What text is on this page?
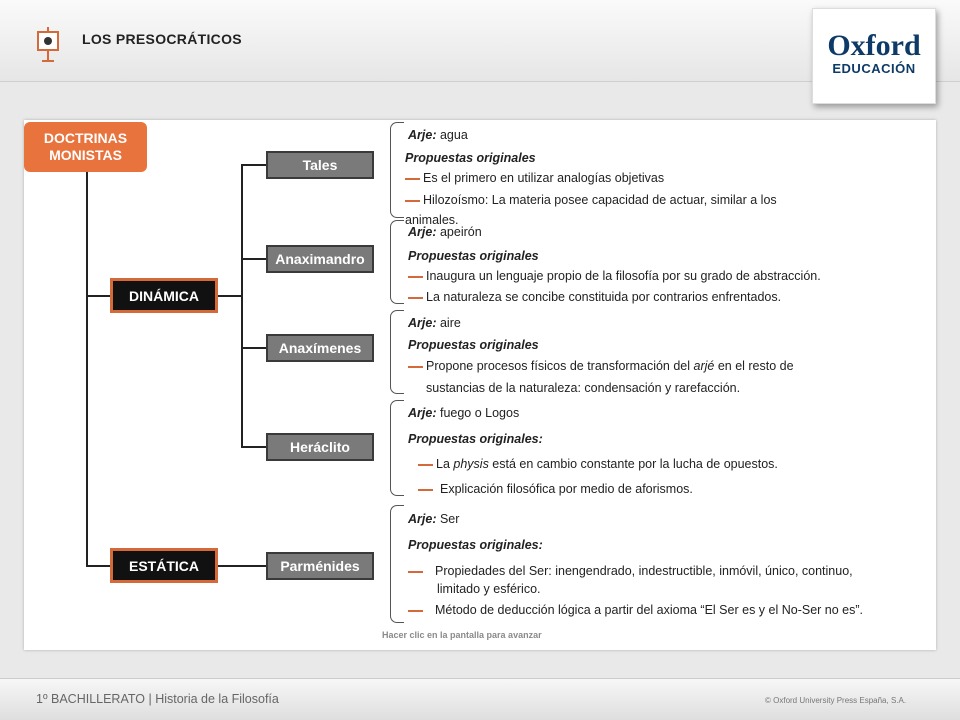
LOS PRESOCRÁTICOS	Oxford
EDUCACIÓN
DOCTRINAS MONISTAS
DINÁMICA
ESTÁTICA
Tales
Anaximandro
Anaxímenes
Heráclito
Parménides
Arje: agua
Propuestas originales
Es el primero en utilizar analogías objetivas
Hilozoísmo: La materia posee capacidad de actuar, similar a los
animales.
Arje: apeirón
Propuestas originales
Inaugura un lenguaje propio de la filosofía por su grado de abstracción.
La naturaleza se concibe constituida por contrarios enfrentados.
Arje: aire
Propuestas originales
Propone procesos físicos de transformación del arjé en el resto de
sustancias de la naturaleza: condensación y rarefacción.
Arje: fuego o Logos
Propuestas originales:
La physis está en cambio constante por la lucha de opuestos.
Explicación filosófica por medio de aforismos.
Arje: Ser
Propuestas originales:
Propiedades del Ser: inengendrado, indestructible, inmóvil, único, continuo,
limitado y esférico.
Método de deducción lógica a partir del axioma “El Ser es y el No-Ser no es”.
Hacer clic en la pantalla para avanzar
1º BACHILLERATO | Historia de la Filosofía	© Oxford University Press España, S.A.
